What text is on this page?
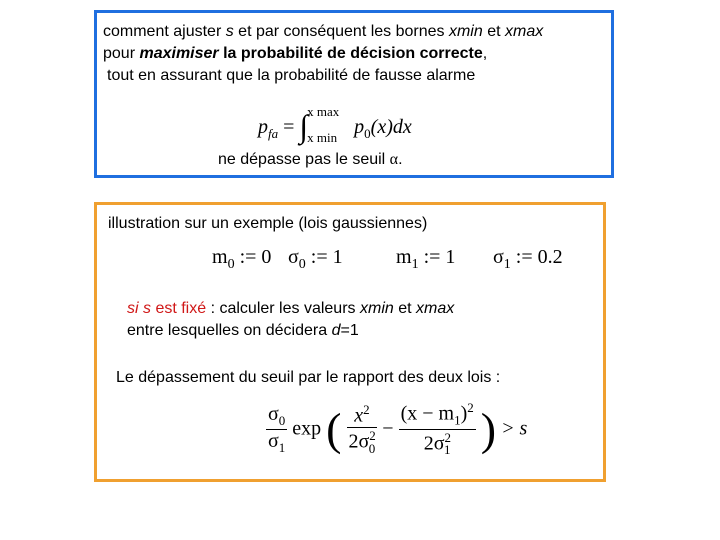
comment ajuster s et par conséquent les bornes xmin et xmax
pour maximiser la probabilité de décision correcte,
tout en assurant que la probabilité de fausse alarme
$p_{fa}$ = ∫ x max
x $\min p_0(x)dx$
ne dépasse pas le seuil α.
illustration sur un exemple (lois gaussiennes)
$m_0$ := 0 $\sigma_0$ := 1	$m_1$ := 1 $\sigma_1$ := 0.2
si s est fixé : calculer les valeurs xmin et xmax
entre lesquelles on décidera d=1
Le dépassement du seuil par le rapport des deux lois :
$\frac{\sigma_0}{\sigma_1}$ exp ( $\frac{x^2}{2\sigma^2_0} - \frac{(x - m_1)^2}{2\sigma^2_1}$ ) > s
